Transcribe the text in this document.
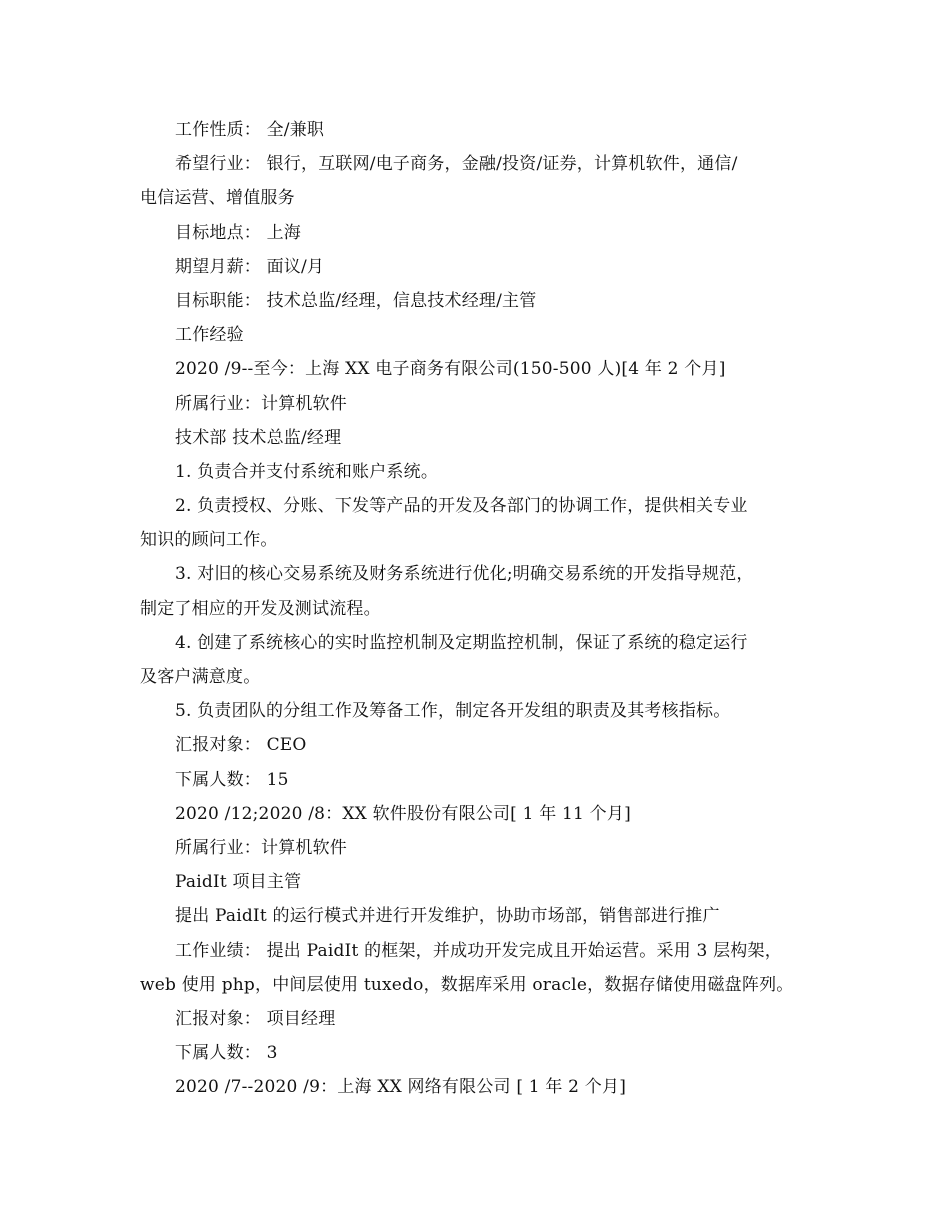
工作性质： 全/兼职
希望行业： 银行，互联网/电子商务，金融/投资/证券，计算机软件，通信/
电信运营、增值服务
目标地点： 上海
期望月薪： 面议/月
目标职能： 技术总监/经理，信息技术经理/主管
工作经验
2020 /9--至今：上海 XX 电子商务有限公司(150-500 人)[4 年 2 个月]
所属行业：计算机软件
技术部 技术总监/经理
1. 负责合并支付系统和账户系统。
2. 负责授权、分账、下发等产品的开发及各部门的协调工作，提供相关专业
知识的顾问工作。
3. 对旧的核心交易系统及财务系统进行优化;明确交易系统的开发指导规范，
制定了相应的开发及测试流程。
4. 创建了系统核心的实时监控机制及定期监控机制，保证了系统的稳定运行
及客户满意度。
5. 负责团队的分组工作及筹备工作，制定各开发组的职责及其考核指标。
汇报对象： CEO
下属人数： 15
2020 /12;2020 /8：XX 软件股份有限公司[ 1 年 11 个月]
所属行业：计算机软件
PaidIt 项目主管
提出 PaidIt 的运行模式并进行开发维护，协助市场部，销售部进行推广
工作业绩： 提出 PaidIt 的框架，并成功开发完成且开始运营。采用 3 层构架，
web 使用 php，中间层使用 tuxedo，数据库采用 oracle，数据存储使用磁盘阵列。
汇报对象： 项目经理
下属人数： 3
2020 /7--2020 /9：上海 XX 网络有限公司 [ 1 年 2 个月]
